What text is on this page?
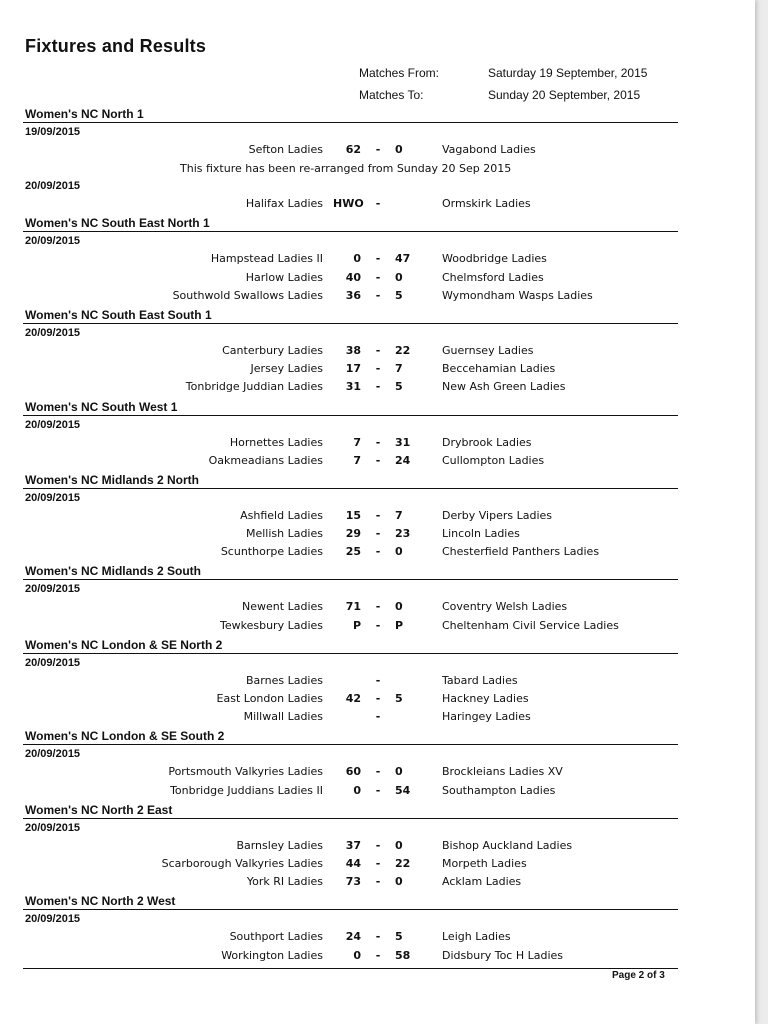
Fixtures and Results
Matches From:	Saturday 19 September, 2015
Matches To:	Sunday 20 September, 2015
Women's NC North 1
19/09/2015
Sefton Ladies	62 - 0	Vagabond Ladies
This fixture has been re-arranged from Sunday 20 Sep 2015
20/09/2015
Halifax Ladies HWO -	Ormskirk Ladies
Women's NC South East North 1
20/09/2015
Hampstead Ladies II	0 - 47	Woodbridge Ladies
Harlow Ladies	40 - 0	Chelmsford Ladies
Southwold Swallows Ladies	36 - 5	Wymondham Wasps Ladies
Women's NC South East South 1
20/09/2015
Canterbury Ladies	38 - 22	Guernsey Ladies
Jersey Ladies	17 - 7	Beccehamian Ladies
Tonbridge Juddian Ladies	31 - 5	New Ash Green Ladies
Women's NC South West 1
20/09/2015
Hornettes Ladies	7 - 31	Drybrook Ladies
Oakmeadians Ladies	7 - 24	Cullompton Ladies
Women's NC Midlands 2 North
20/09/2015
Ashfield Ladies	15 - 7	Derby Vipers Ladies
Mellish Ladies	29 - 23	Lincoln Ladies
Scunthorpe Ladies	25 - 0	Chesterfield Panthers Ladies
Women's NC Midlands 2 South
20/09/2015
Newent Ladies	71 - 0	Coventry Welsh Ladies
Tewkesbury Ladies	P - P	Cheltenham Civil Service Ladies
Women's NC London & SE North 2
20/09/2015
Barnes Ladies	-	Tabard Ladies
East London Ladies	42 - 5	Hackney Ladies
Millwall Ladies	-	Haringey Ladies
Women's NC London & SE South 2
20/09/2015
Portsmouth Valkyries Ladies	60 - 0	Brockleians Ladies XV
Tonbridge Juddians Ladies II	0 - 54	Southampton Ladies
Women's NC North 2 East
20/09/2015
Barnsley Ladies	37 - 0	Bishop Auckland Ladies
Scarborough Valkyries Ladies	44 - 22	Morpeth Ladies
York RI Ladies	73 - 0	Acklam Ladies
Women's NC North 2 West
20/09/2015
Southport Ladies	24 - 5	Leigh Ladies
Workington Ladies	0 - 58	Didsbury Toc H Ladies
Page 2 of 3
